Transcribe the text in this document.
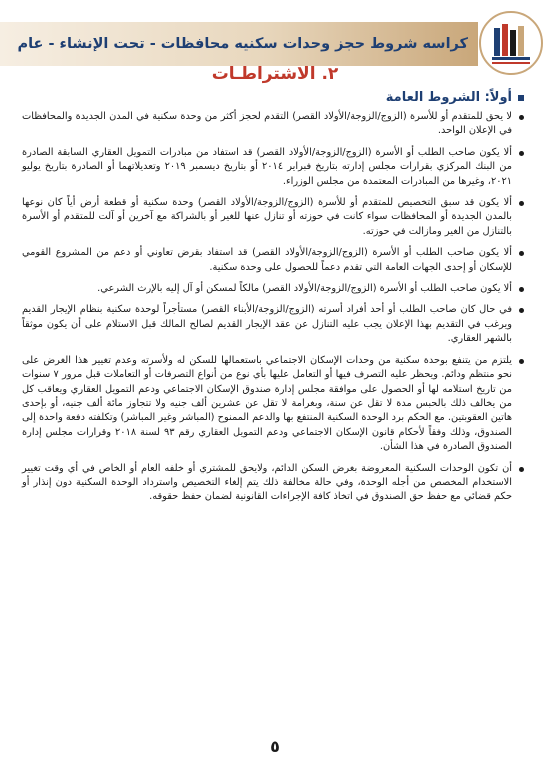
كراسه شروط حجز وحدات سكنيه محافظات - تحت الإنشاء - عام
٢. الاشتراطـات
أولاً: الشروط العامة
لا يحق للمتقدم أو للأسرة (الزوج/الزوجة/الأولاد القصر) التقدم لحجز أكثر من وحدة سكنية في المدن الجديدة والمحافظات في الإعلان الواحد.
ألا يكون صاحب الطلب أو الأسرة (الزوج/الزوجة/الأولاد القصر) قد استفاد من مبادرات التمويل العقاري السابقة الصادرة من البنك المركزي بقرارات مجلس إدارته بتاريخ فبراير ٢٠١٤ أو بتاريخ ديسمبر ٢٠١٩ وتعديلاتهما أو الصادرة بتاريخ يوليو ٢٠٢١، وغيرها من المبادرات المعتمدة من مجلس الوزراء.
ألا يكون قد سبق التخصيص للمتقدم أو للأسرة (الزوج/الزوجة/الأولاد القصر) وحدة سكنية أو قطعة أرض أياً كان نوعها بالمدن الجديدة أو المحافظات سواء كانت في حوزته أو تنازل عنها للغير أو بالشراكة مع آخرين أو آلت للمتقدم أو الأسرة بالتنازل من الغير ومازالت في حوزته.
ألا يكون صاحب الطلب أو الأسرة (الزوج/الزوجة/الأولاد القصر) قد استفاد بقرض تعاوني أو دعم من المشروع القومي للإسكان أو إحدى الجهات العامة التي تقدم دعماً للحصول على وحدة سكنية.
ألا يكون صاحب الطلب أو الأسرة (الزوج/الزوجة/الأولاد القصر) مالكاً لمسكن أو آل إليه بالإرث الشرعي.
في حال كان صاحب الطلب أو أحد أفراد أسرته (الزوج/الزوجة/الأبناء القصر) مستأجراً لوحدة سكنية بنظام الإيجار القديم ويرغب في التقديم بهذا الإعلان يجب عليه التنازل عن عقد الإيجار القديم لصالح المالك قبل الاستلام على أن يكون موثقاً بالشهر العقاري.
يلتزم من يتنفع بوحدة سكنية من وحدات الإسكان الاجتماعي باستعمالها للسكن له ولأسرته وعدم تغيير هذا الغرض على نحو منتظم ودائم. ويحظر عليه التصرف فيها أو التعامل عليها بأي نوع من أنواع التصرفات أو التعاملات قبل مرور ٧ سنوات من تاريخ استلامه لها أو الحصول على موافقة مجلس إدارة صندوق الإسكان الاجتماعي ودعم التمويل العقاري ويعاقب كل من يخالف ذلك بالحبس مدة لا تقل عن سنة، وبغرامة لا تقل عن عشرين ألف جنيه ولا تتجاوز مائة ألف جنيه، أو بإحدى هاتين العقوبتين. مع الحكم برد الوحدة السكنية المنتفع بها والدعم الممنوح (المباشر وغير المباشر) وتكلفته دفعة واحدة إلى الصندوق، وذلك وفقاً لأحكام قانون الإسكان الاجتماعي ودعم التمويل العقاري رقم ٩٣ لسنة ٢٠١٨ وقرارات مجلس إدارة الصندوق الصادرة في هذا الشأن.
أن تكون الوحدات السكنية المعروضة بغرض السكن الدائم، ولايحق للمشتري أو خلفه العام أو الخاص في أي وقت تغيير الاستخدام المخصص من أجله الوحدة، وفي حالة مخالفة ذلك يتم إلغاء التخصيص واسترداد الوحدة السكنية دون إنذار أو حكم قضائي مع حفظ حق الصندوق في اتخاذ كافة الإجراءات القانونية لضمان حفظ حقوقه.
٥
